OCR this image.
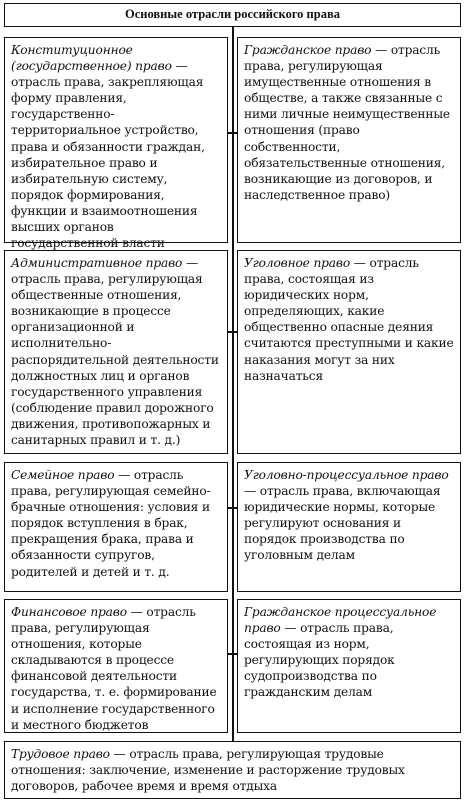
Основные отрасли российского права
Конституционное (государственное) право — отрасль права, закрепляющая форму правления, государственно-территориальное устройство, права и обязанности граждан, избирательное право и избирательную систему, порядок формирования, функции и взаимоотношения высших органов государственной власти
Административное право — отрасль права, регулирующая общественные отношения, возникающие в процессе организационной и исполнительно-распорядительной деятельности должностных лиц и органов государственного управления (соблюдение правил дорожного движения, противопожарных и санитарных правил и т. д.)
Семейное право — отрасль права, регулирующая семейно-брачные отношения: условия и порядок вступления в брак, прекращения брака, права и обязанности супругов, родителей и детей и т. д.
Финансовое право — отрасль права, регулирующая отношения, которые складываются в процессе финансовой деятельности государства, т. е. формирование и исполнение государственного и местного бюджетов
Гражданское право — отрасль права, регулирующая имущественные отношения в обществе, а также связанные с ними личные неимущественные отношения (право собственности, обязательственные отношения, возникающие из договоров, и наследственное право)
Уголовное право — отрасль права, состоящая из юридических норм, определяющих, какие общественно опасные деяния считаются преступными и какие наказания могут за них назначаться
Уголовно-процессуальное право — отрасль права, включающая юридические нормы, которые регулируют основания и порядок производства по уголовным делам
Гражданское процессуальное право — отрасль права, состоящая из норм, регулирующих порядок судопроизводства по гражданским делам
Трудовое право — отрасль права, регулирующая трудовые отношения: заключение, изменение и расторжение трудовых договоров, рабочее время и время отдыха
